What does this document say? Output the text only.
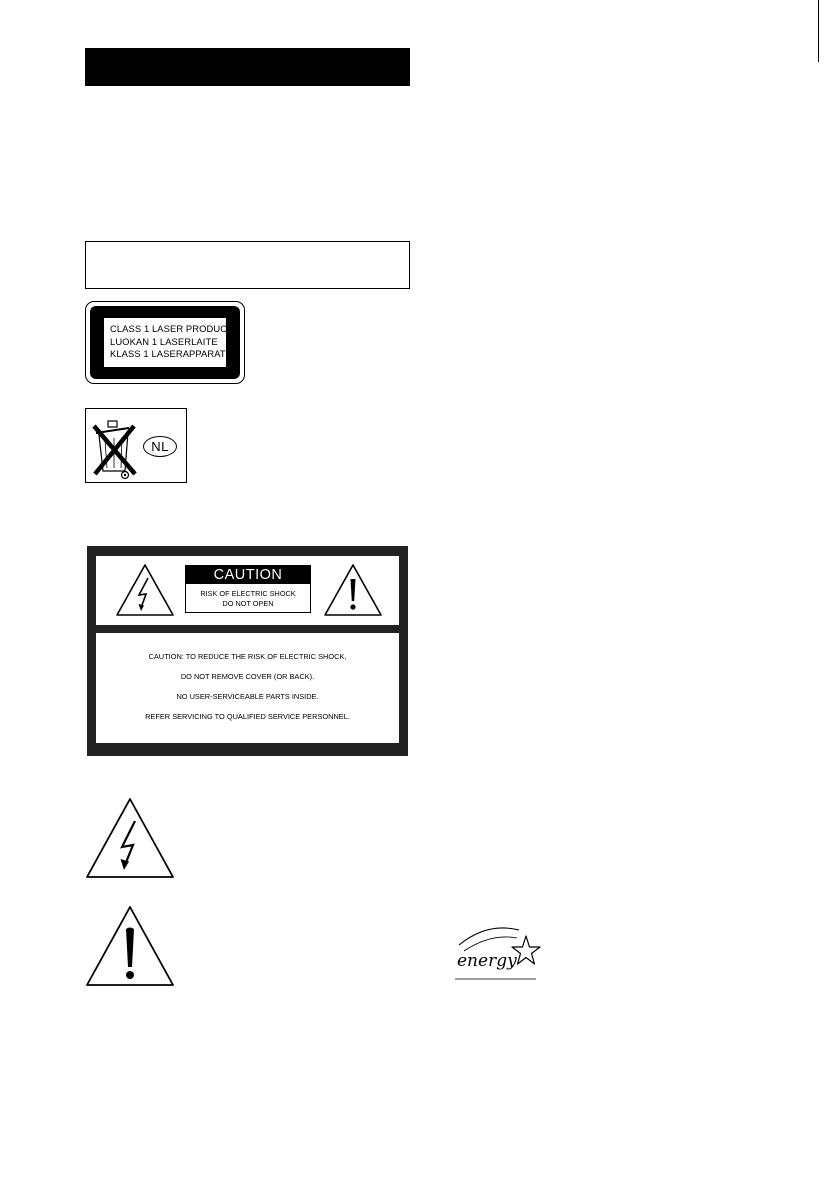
CLASS 1 LASER PRODUCT
LUOKAN 1 LASERLAITE
KLASS 1 LASERAPPARAT
NL
CAUTION
RISK OF ELECTRIC SHOCK
DO NOT OPEN
CAUTION: TO REDUCE THE RISK OF ELECTRIC SHOCK,
DO NOT REMOVE COVER (OR BACK).
NO USER-SERVICEABLE PARTS INSIDE.
REFER SERVICING TO QUALIFIED SERVICE PERSONNEL.
energy
